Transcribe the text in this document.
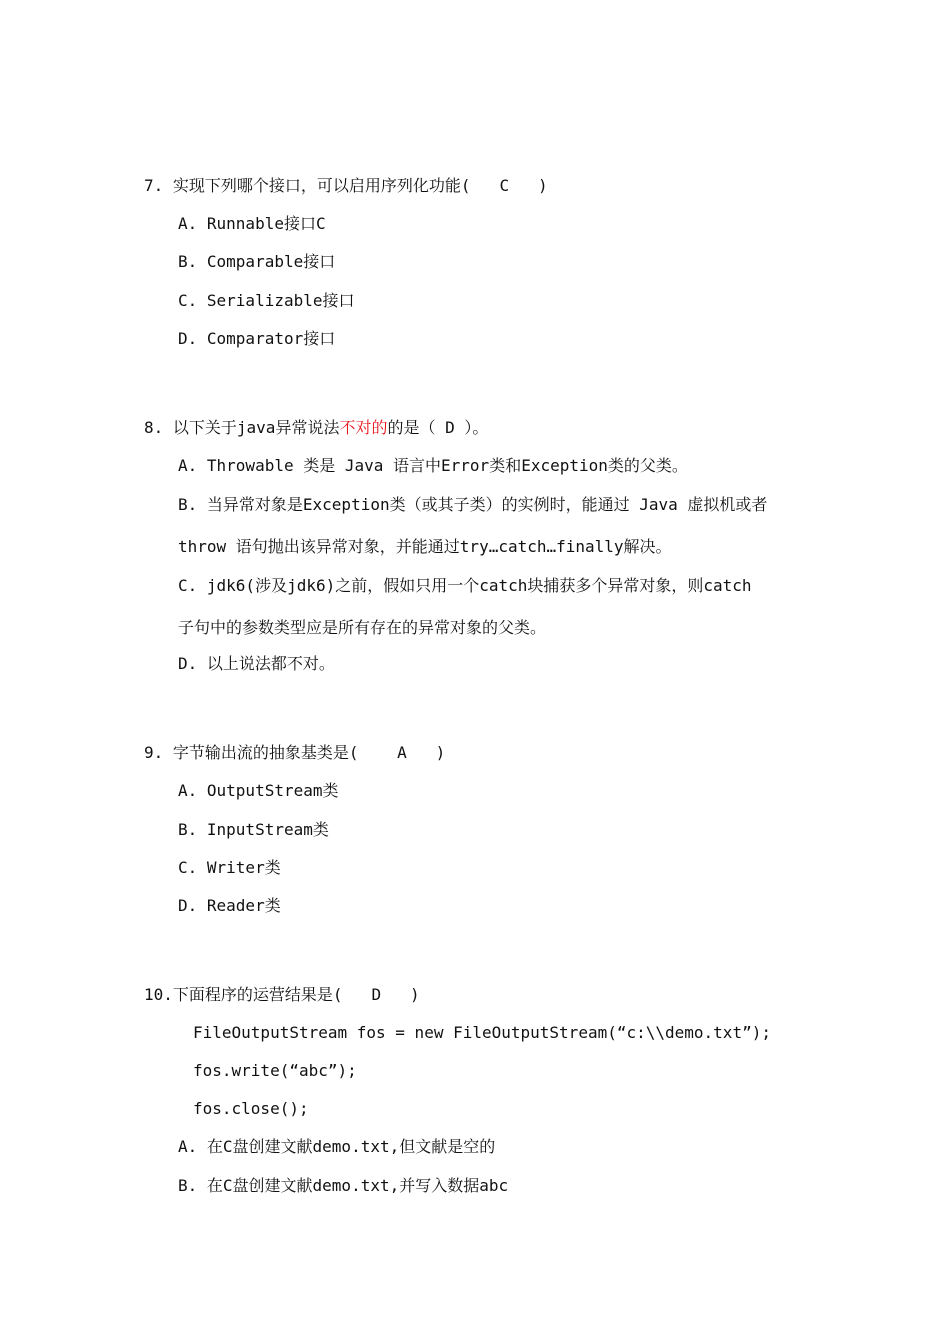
7. 实现下列哪个接口，可以启用序列化功能(   C   )
A. Runnable接口C
B. Comparable接口
C. Serializable接口
D. Comparator接口
8. 以下关于java异常说法不对的的是（ D ）。
A. Throwable 类是 Java 语言中Error类和Exception类的父类。
B. 当异常对象是Exception类（或其子类）的实例时，能通过 Java 虚拟机或者
throw 语句抛出该异常对象，并能通过try…catch…finally解决。
C. jdk6(涉及jdk6)之前，假如只用一个catch块捕获多个异常对象，则catch
子句中的参数类型应是所有存在的异常对象的父类。
D. 以上说法都不对。
9. 字节输出流的抽象基类是(    A   )
A. OutputStream类
B. InputStream类
C. Writer类
D. Reader类
10.下面程序的运营结果是(   D   )
FileOutputStream fos = new FileOutputStream(“c:\\demo.txt”);
fos.write(“abc”);
fos.close();
A. 在C盘创建文献demo.txt,但文献是空的
B. 在C盘创建文献demo.txt,并写入数据abc
